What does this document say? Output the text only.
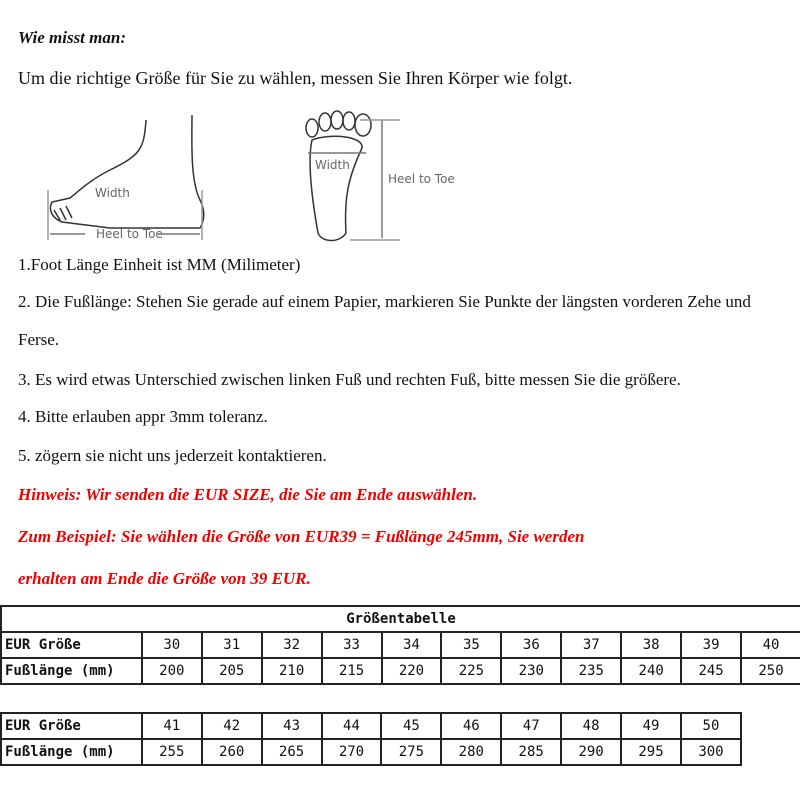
Wie misst man:
Um die richtige Größe für Sie zu wählen, messen Sie Ihren Körper wie folgt.
Width
Heel to Toe
Width
Heel to Toe
1.Foot Länge Einheit ist MM (Milimeter)
2. Die Fußlänge: Stehen Sie gerade auf einem Papier, markieren Sie Punkte der längsten vorderen Zehe und
Ferse.
3. Es wird etwas Unterschied zwischen linken Fuß und rechten Fuß, bitte messen Sie die größere.
4. Bitte erlauben appr 3mm toleranz.
5. zögern sie nicht uns jederzeit kontaktieren.
Hinweis: Wir senden die EUR SIZE, die Sie am Ende auswählen.
Zum Beispiel: Sie wählen die Größe von EUR39 = Fußlänge 245mm, Sie werden
erhalten am Ende die Größe von 39 EUR.
Größentabelle											
EUR Größe	30	31	32	33	34	35	36	37	38	39	40
Fußlänge (mm)	200	205	210	215	220	225	230	235	240	245	250
EUR Größe	41	42	43	44	45	46	47	48	49	50
Fußlänge (mm)	255	260	265	270	275	280	285	290	295	300
